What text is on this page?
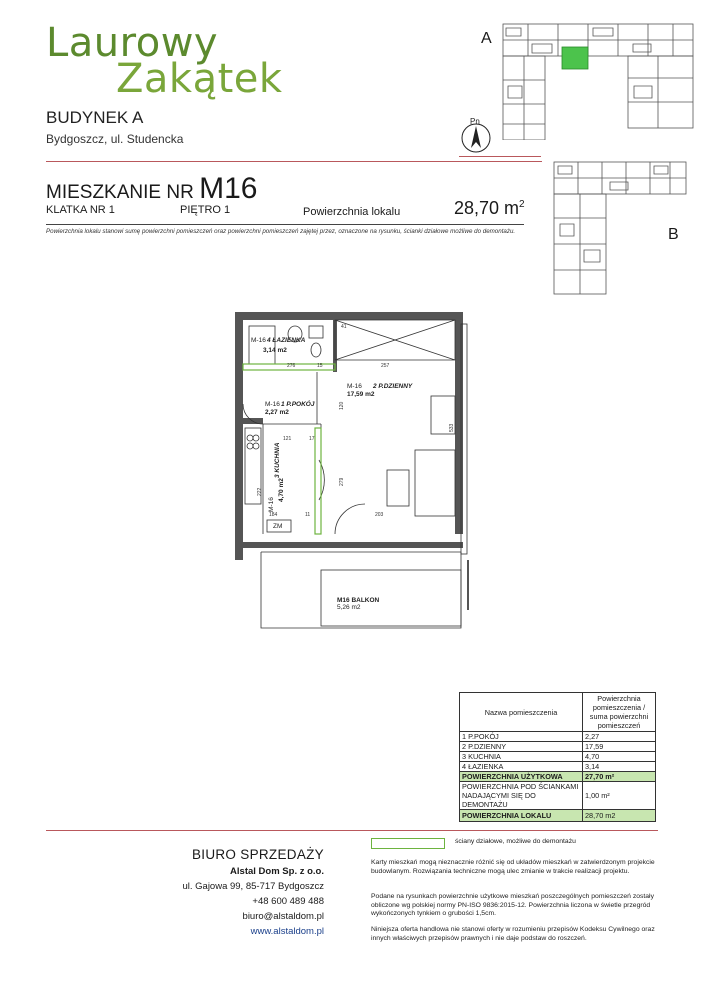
Laurowy
Zakątek
BUDYNEK A
Bydgoszcz, ul. Studencka
MIESZKANIE NR M16
KLATKA NR 1	PIĘTRO 1	Powierzchnia lokalu	28,70 $m^2$
Powierzchnia lokalu stanowi sumę powierzchni pomieszczeń oraz powierzchni pomieszczeń zajętej przez, oznaczone na rysunku, ścianki działowe możliwe do demontażu.
A
B
Pn
M-16 4 ŁAZIENKA
3,14 m2
M-16 2 P.DZIENNY
17,59 m2
M-16 1 P.POKÓJ
2,27 m2
3 KUCHNIA
M-16
4,70 m2
M16 BALKON
5,26 m2
ZM
276	257
15
121	17
203
184	11
41
120
279
222
533
Nazwa pomieszczenia	Powierzchnia pomieszczenia / suma powierzchni pomieszczeń
1 P.POKÓJ	2,27
2 P.DZIENNY	17,59
3 KUCHNIA	4,70
4 ŁAZIENKA	3,14
POWIERZCHNIA UŻYTKOWA	27,70 m²
POWIERZCHNIA POD ŚCIANKAMI NADAJĄCYMI SIĘ DO DEMONTAŻU	1,00 m²
POWIERZCHNIA LOKALU	28,70 m2
BIURO SPRZEDAŻY
Alstal Dom Sp. z o.o.
ul. Gajowa 99, 85-717 Bydgoszcz
+48 600 489 488
biuro@alstaldom.pl
www.alstaldom.pl
ściany działowe, możliwe do demontażu
Karty mieszkań mogą nieznacznie różnić się od układów mieszkań w zatwierdzonym projekcie budowlanym. Rozwiązania techniczne mogą ulec zmianie w trakcie realizacji projektu.
Podane na rysunkach powierzchnie użytkowe mieszkań poszczególnych pomieszczeń zostały obliczone wg polskiej normy PN-ISO 9836:2015-12. Powierzchnia liczona w świetle przegród wykończonych tynkiem o grubości 1,5cm.
Niniejsza oferta handlowa nie stanowi oferty w rozumieniu przepisów Kodeksu Cywilnego oraz innych właściwych przepisów prawnych i nie daje podstaw do roszczeń.
